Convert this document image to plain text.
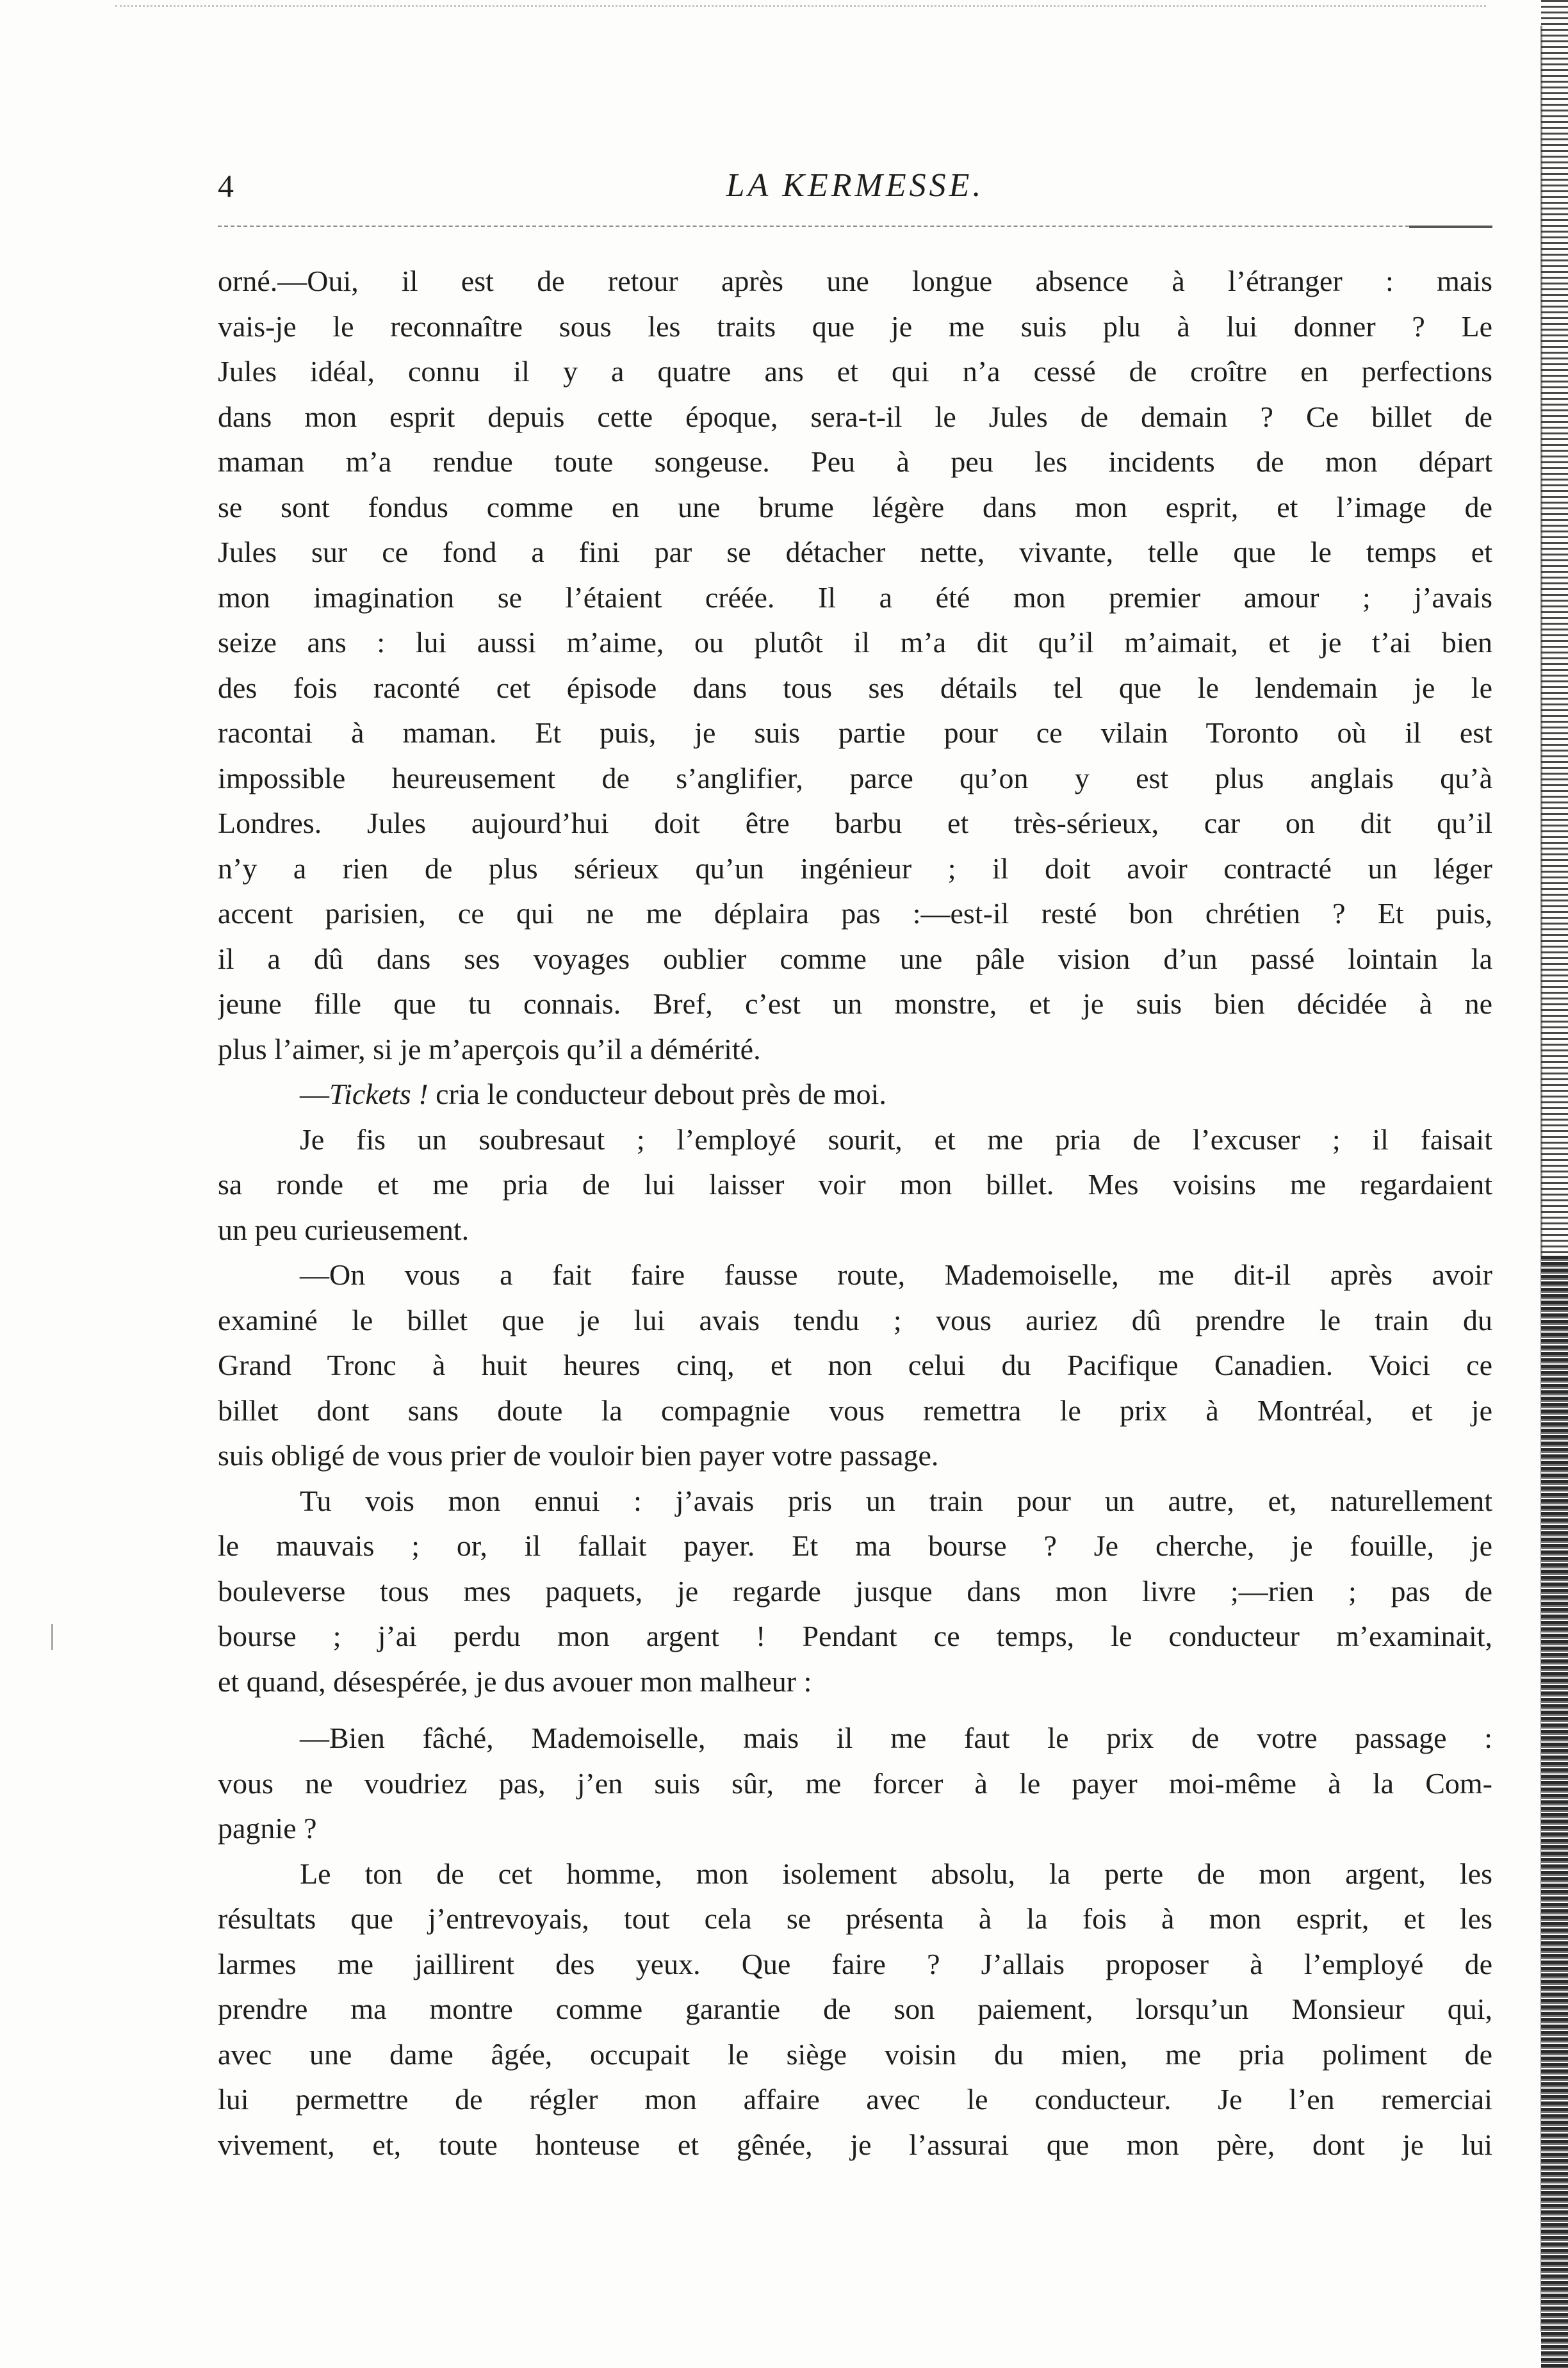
4	LA KERMESSE.
orné.—Oui, il est de retour après une longue absence à l’étranger : mais
vais-je le reconnaître sous les traits que je me suis plu à lui donner ? Le
Jules idéal, connu il y a quatre ans et qui n’a cessé de croître en perfections
dans mon esprit depuis cette époque, sera-t-il le Jules de demain ? Ce billet de
maman m’a rendue toute songeuse. Peu à peu les incidents de mon départ
se sont fondus comme en une brume légère dans mon esprit, et l’image de
Jules sur ce fond a fini par se détacher nette, vivante, telle que le temps et
mon imagination se l’étaient créée. Il a été mon premier amour ; j’avais
seize ans : lui aussi m’aime, ou plutôt il m’a dit qu’il m’aimait, et je t’ai bien
des fois raconté cet épisode dans tous ses détails tel que le lendemain je le
racontai à maman. Et puis, je suis partie pour ce vilain Toronto où il est
impossible heureusement de s’anglifier, parce qu’on y est plus anglais qu’à
Londres. Jules aujourd’hui doit être barbu et très-sérieux, car on dit qu’il
n’y a rien de plus sérieux qu’un ingénieur ; il doit avoir contracté un léger
accent parisien, ce qui ne me déplaira pas :—est-il resté bon chrétien ? Et puis,
il a dû dans ses voyages oublier comme une pâle vision d’un passé lointain la
jeune fille que tu connais. Bref, c’est un monstre, et je suis bien décidée à ne
plus l’aimer, si je m’aperçois qu’il a démérité.
—Tickets ! cria le conducteur debout près de moi.
Je fis un soubresaut ; l’employé sourit, et me pria de l’excuser ; il faisait
sa ronde et me pria de lui laisser voir mon billet. Mes voisins me regardaient
un peu curieusement.
—On vous a fait faire fausse route, Mademoiselle, me dit-il après avoir
examiné le billet que je lui avais tendu ; vous auriez dû prendre le train du
Grand Tronc à huit heures cinq, et non celui du Pacifique Canadien. Voici ce
billet dont sans doute la compagnie vous remettra le prix à Montréal, et je
suis obligé de vous prier de vouloir bien payer votre passage.
Tu vois mon ennui : j’avais pris un train pour un autre, et, naturellement
le mauvais ; or, il fallait payer. Et ma bourse ? Je cherche, je fouille, je
bouleverse tous mes paquets, je regarde jusque dans mon livre ;—rien ; pas de
bourse ; j’ai perdu mon argent ! Pendant ce temps, le conducteur m’examinait,
et quand, désespérée, je dus avouer mon malheur :
—Bien fâché, Mademoiselle, mais il me faut le prix de votre passage :
vous ne voudriez pas, j’en suis sûr, me forcer à le payer moi-même à la Com-
pagnie ?
Le ton de cet homme, mon isolement absolu, la perte de mon argent, les
résultats que j’entrevoyais, tout cela se présenta à la fois à mon esprit, et les
larmes me jaillirent des yeux. Que faire ? J’allais proposer à l’employé de
prendre ma montre comme garantie de son paiement, lorsqu’un Monsieur qui,
avec une dame âgée, occupait le siège voisin du mien, me pria poliment de
lui permettre de régler mon affaire avec le conducteur. Je l’en remerciai
vivement, et, toute honteuse et gênée, je l’assurai que mon père, dont je lui
